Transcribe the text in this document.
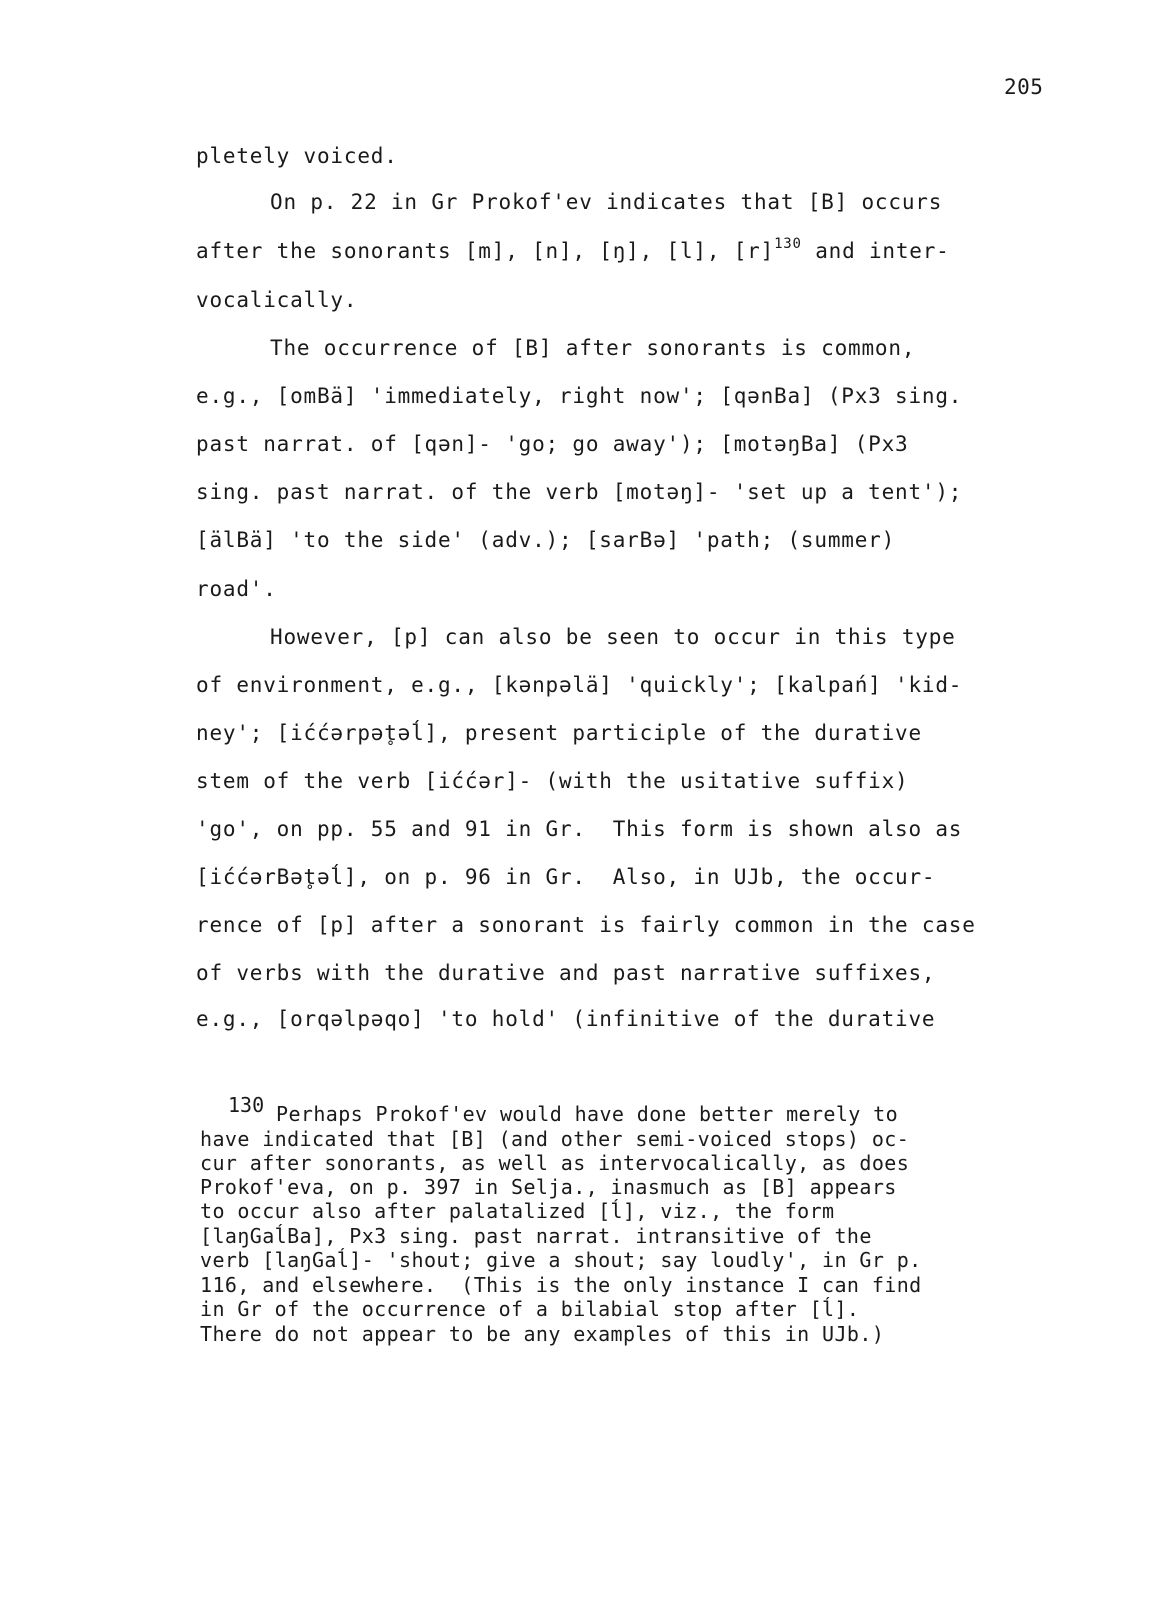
205
pletely voiced.
On p. 22 in Gr Prokof'ev indicates that [B] occurs
after the sonorants [m], [n], [ŋ], [l], $[r]^{130}$ and inter-
vocalically.
The occurrence of [B] after sonorants is common,
e.g., [omBä] 'immediately, right now'; [qənBa] (Px3 sing.
past narrat. of [qən]- 'go; go away'); [motəŋBa] (Px3
sing. past narrat. of the verb [motəŋ]- 'set up a tent');
[älBä] 'to the side' (adv.); [sarBə] 'path; (summer)
road'.
However, [p] can also be seen to occur in this type
of environment, e.g., [kənpəlä] 'quickly'; [kalpań] 'kid-
ney'; [iććərpət̥əĺ], present participle of the durative
stem of the verb [iććər]- (with the usitative suffix)
'go', on pp. 55 and 91 in Gr.  This form is shown also as
[iććərBət̥əĺ], on p. 96 in Gr.  Also, in UJb, the occur-
rence of [p] after a sonorant is fairly common in the case
of verbs with the durative and past narrative suffixes,
e.g., [orqəlpəqo] 'to hold' (infinitive of the durative
130 Perhaps Prokof'ev would have done better merely to
have indicated that [B] (and other semi-voiced stops) oc-
cur after sonorants, as well as intervocalically, as does
Prokof'eva, on p. 397 in Selja., inasmuch as [B] appears
to occur also after palatalized [ĺ], viz., the form
[laŋGaĺBa], Px3 sing. past narrat. intransitive of the
verb [laŋGaĺ]- 'shout; give a shout; say loudly', in Gr p.
116, and elsewhere.  (This is the only instance I can find
in Gr of the occurrence of a bilabial stop after [ĺ].
There do not appear to be any examples of this in UJb.)
